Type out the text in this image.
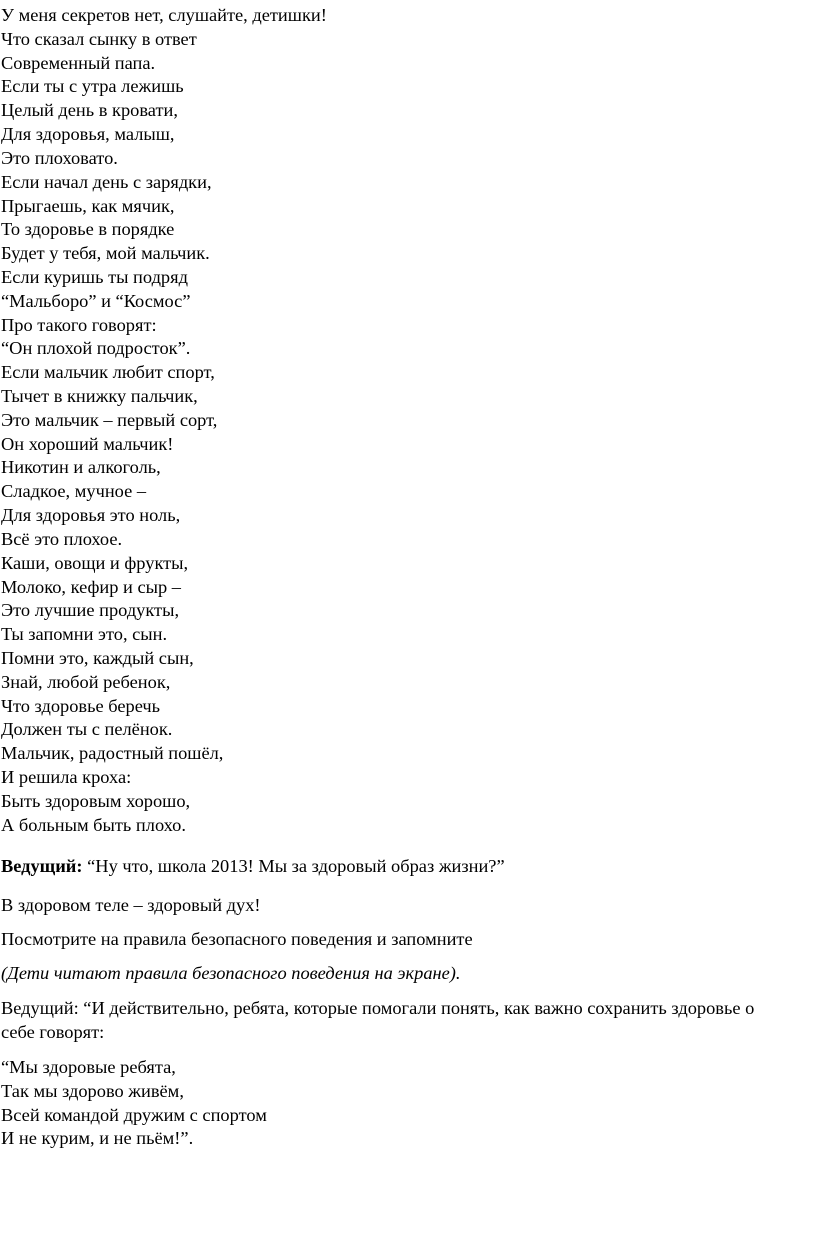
У меня секретов нет, слушайте, детишки!
Что сказал сынку в ответ
Современный папа.
Если ты с утра лежишь
Целый день в кровати,
Для здоровья, малыш,
Это плоховато.
Если начал день с зарядки,
Прыгаешь, как мячик,
То здоровье в порядке
Будет у тебя, мой мальчик.
Если куришь ты подряд
“Мальборо” и “Космос”
Про такого говорят:
“Он плохой подросток”.
Если мальчик любит спорт,
Тычет в книжку пальчик,
Это мальчик – первый сорт,
Он хороший мальчик!
Никотин и алкоголь,
Сладкое, мучное –
Для здоровья это ноль,
Всё это плохое.
Каши, овощи и фрукты,
Молоко, кефир и сыр –
Это лучшие продукты,
Ты запомни это, сын.
Помни это, каждый сын,
Знай, любой ребенок,
Что здоровье беречь
Должен ты с пелёнок.
Мальчик, радостный пошёл,
И решила кроха:
Быть здоровым хорошо,
А больным быть плохо.

Ведущий: “Ну что, школа 2013! Мы за здоровый образ жизни?”

В здоровом теле – здоровый дух!

Посмотрите на правила безопасного поведения и запомните

(Дети читают правила безопасного поведения на экране).

Ведущий: “И действительно, ребята, которые помогали понять, как важно сохранить здоровье о себе говорят:

“Мы здоровые ребята,
Так мы здорово живём,
Всей командой дружим с спортом
И не курим, и не пьём!”.
